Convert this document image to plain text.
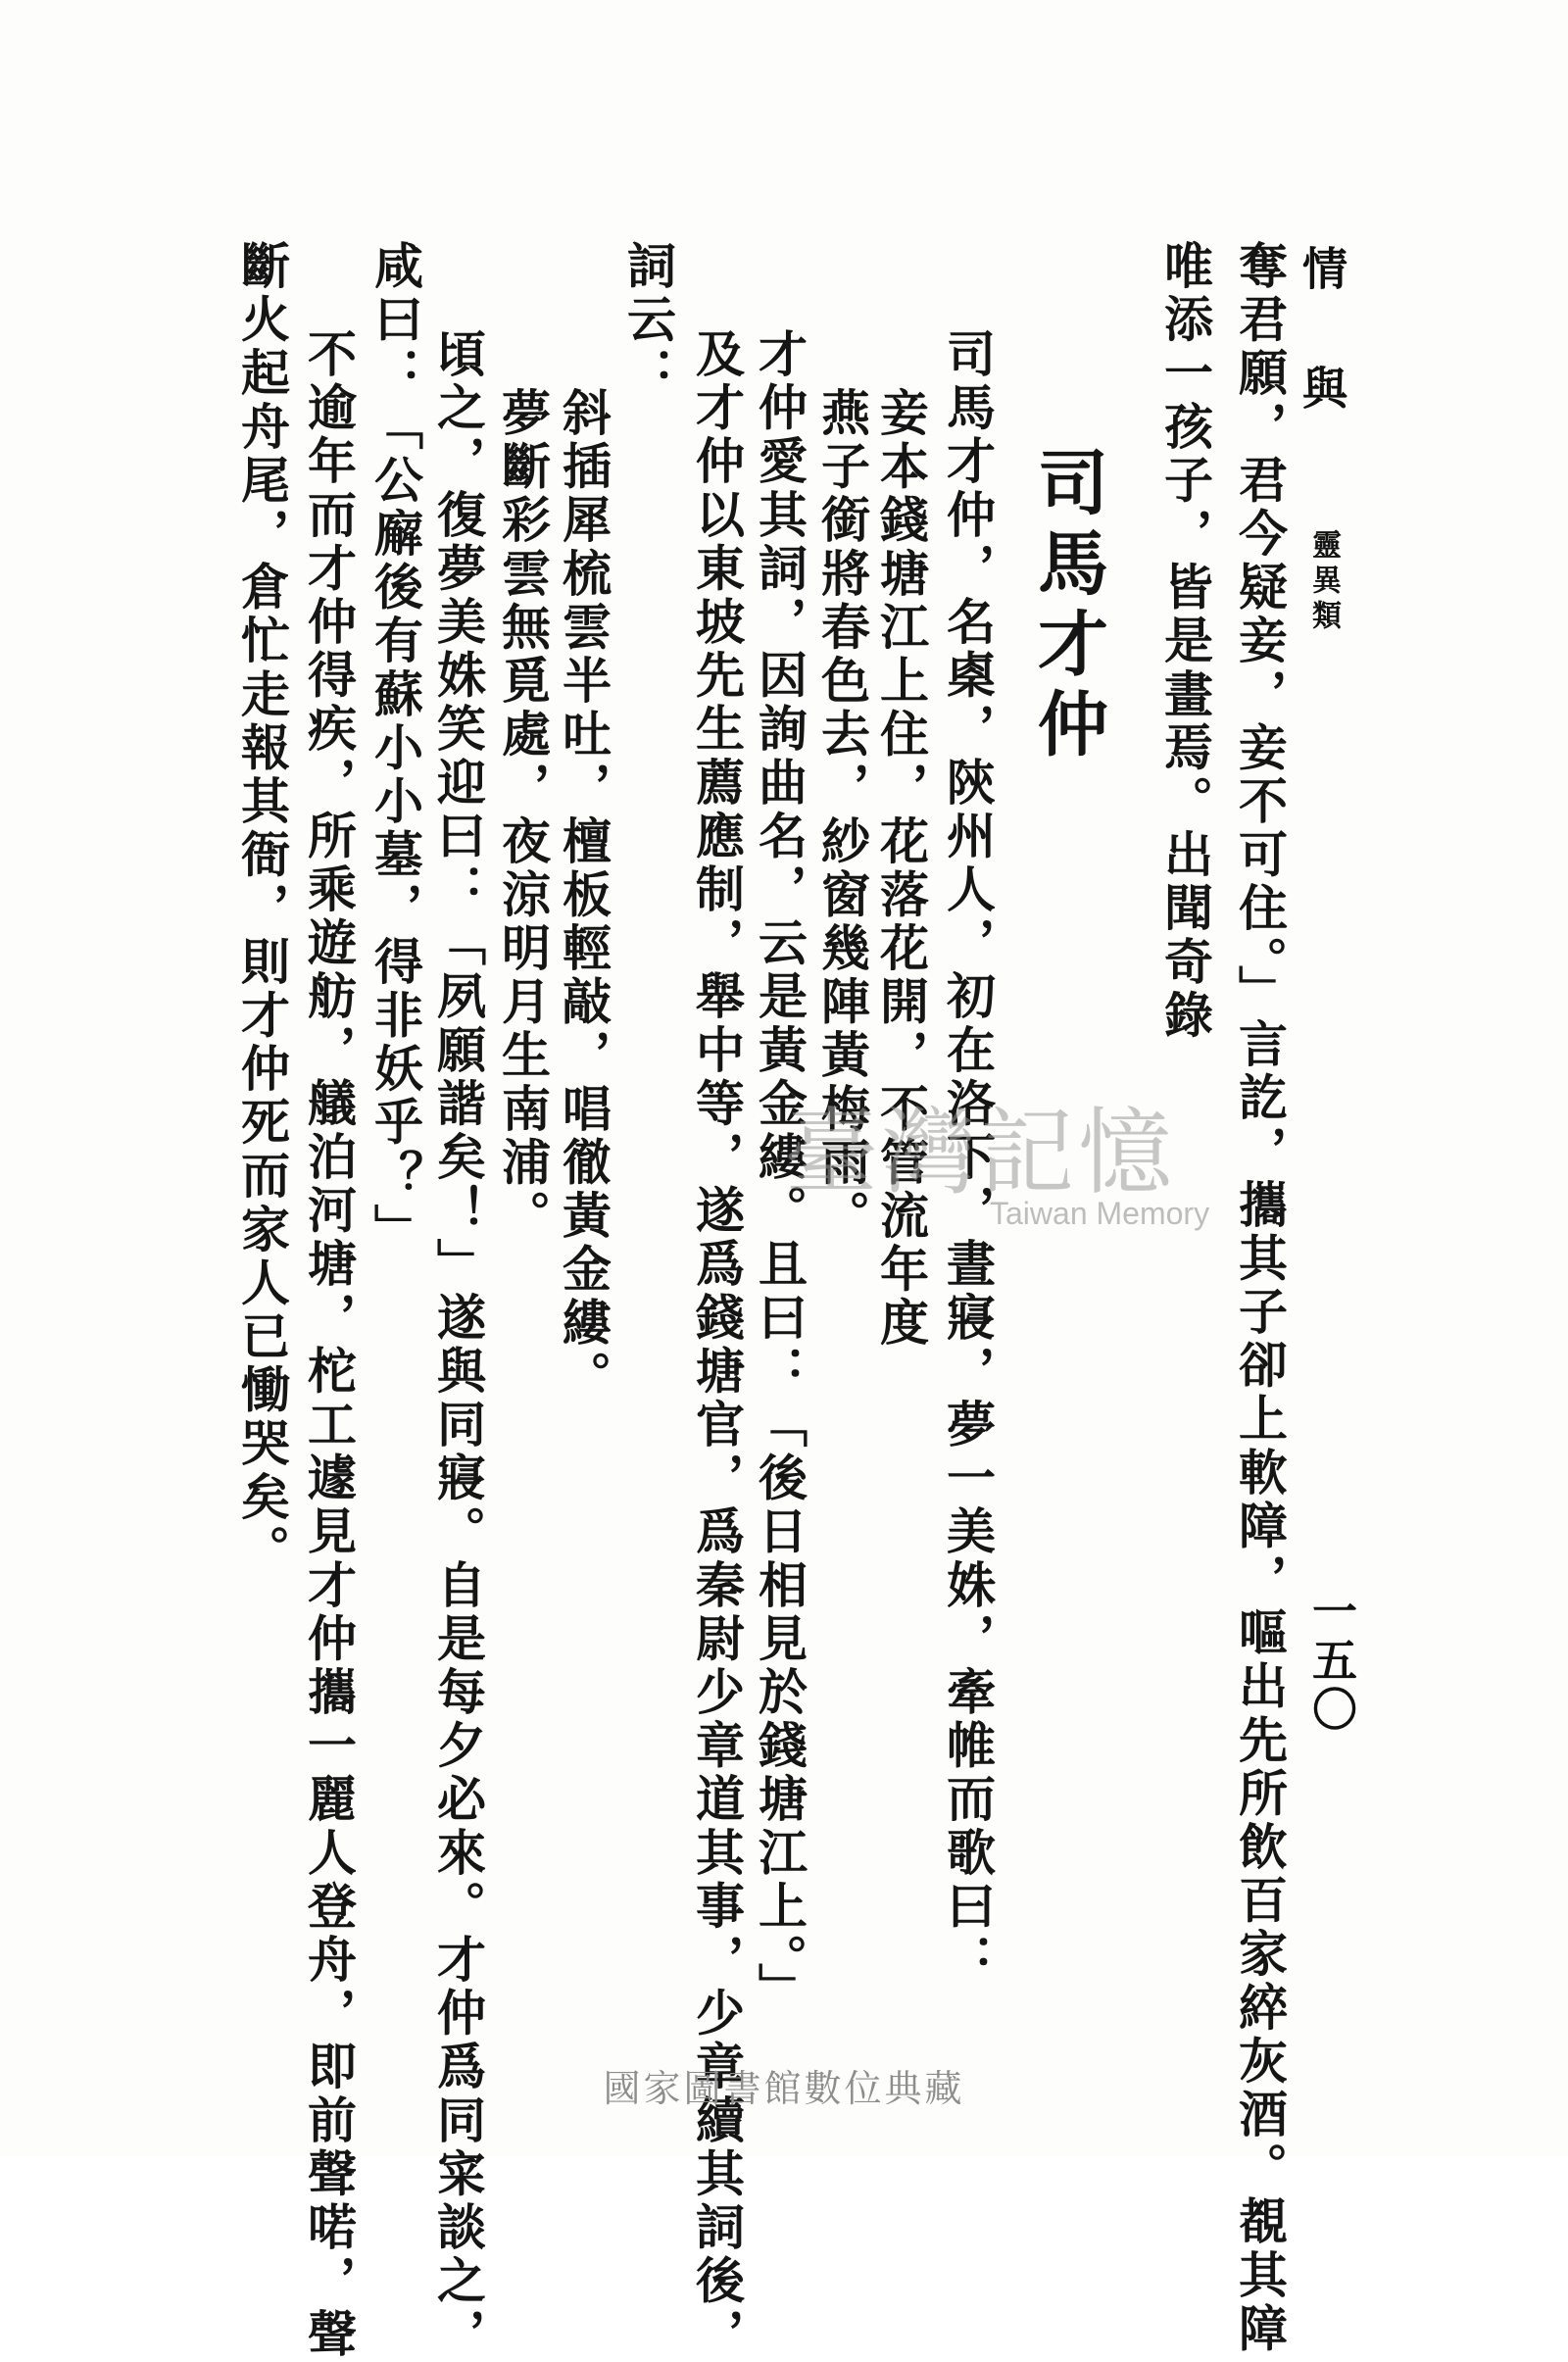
情 與
靈異類
一五〇
奪君願，君今疑妾，妾不可住。」言訖，攜其子卻上軟障，嘔出先所飲百家綷灰酒。覩其障
唯添一孩子，皆是畫焉。出聞奇錄
司馬才仲
司馬才仲，名㮚，陝州人，初在洛下，晝寢，夢一美姝，牽帷而歌曰：
妾本錢塘江上住，花落花開，不管流年度
燕子銜將春色去，紗窗幾陣黃梅雨。
才仲愛其詞，因詢曲名，云是黃金縷。且曰：「後日相見於錢塘江上。」
及才仲以東坡先生薦應制，舉中等，遂爲錢塘官，爲秦尉少章道其事，少章續其詞後，
詞云：
斜插犀梳雲半吐，檀板輕敲，唱徹黃金縷。
夢斷彩雲無覓處，夜涼明月生南浦。
頃之，復夢美姝笑迎曰：「夙願諧矣！」遂與同寢。自是每夕必來。才仲爲同寀談之，
咸曰：「公廨後有蘇小小墓，得非妖乎？」
不逾年而才仲得疾，所乘遊舫，艤泊河塘，柁工遽見才仲攜一麗人登舟，即前聲喏，聲
斷火起舟尾，倉忙走報其衙，則才仲死而家人已慟哭矣。	臺灣記憶
Taiwan Memory
國家圖書館數位典藏
